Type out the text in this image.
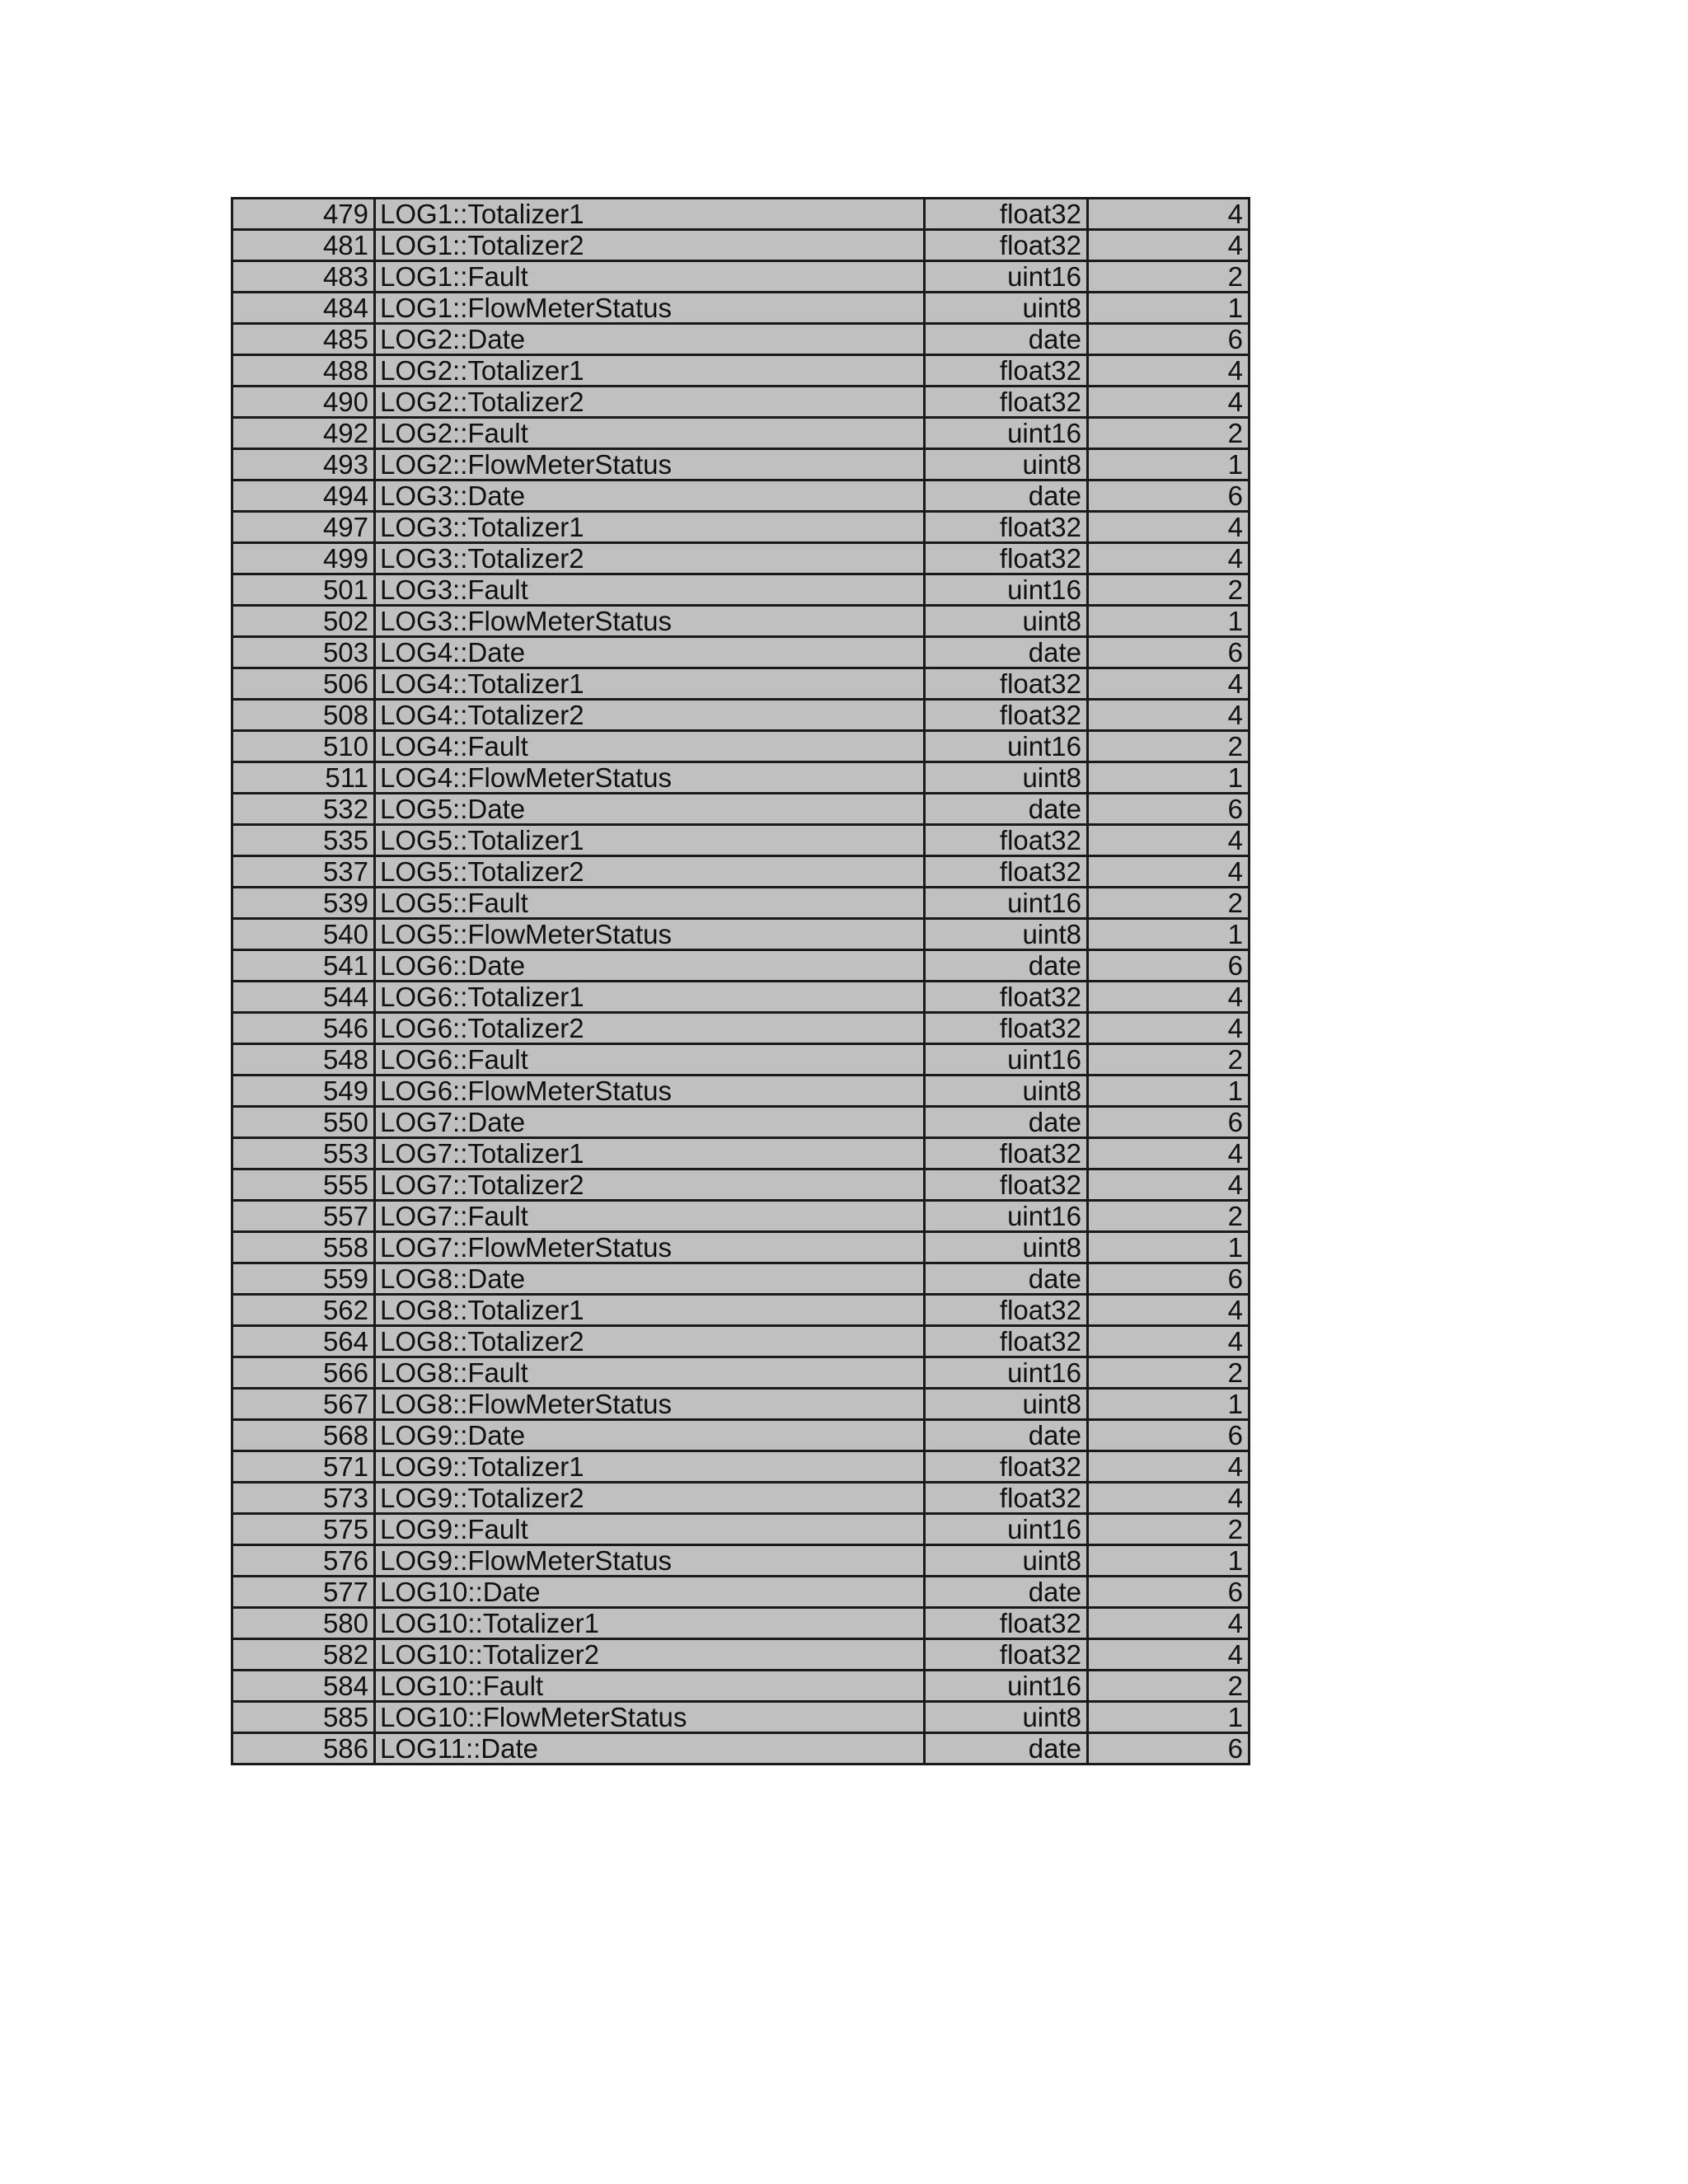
479	LOG1::Totalizer1	float32	4
481	LOG1::Totalizer2	float32	4
483	LOG1::Fault	uint16	2
484	LOG1::FlowMeterStatus	uint8	1
485	LOG2::Date	date	6
488	LOG2::Totalizer1	float32	4
490	LOG2::Totalizer2	float32	4
492	LOG2::Fault	uint16	2
493	LOG2::FlowMeterStatus	uint8	1
494	LOG3::Date	date	6
497	LOG3::Totalizer1	float32	4
499	LOG3::Totalizer2	float32	4
501	LOG3::Fault	uint16	2
502	LOG3::FlowMeterStatus	uint8	1
503	LOG4::Date	date	6
506	LOG4::Totalizer1	float32	4
508	LOG4::Totalizer2	float32	4
510	LOG4::Fault	uint16	2
511	LOG4::FlowMeterStatus	uint8	1
532	LOG5::Date	date	6
535	LOG5::Totalizer1	float32	4
537	LOG5::Totalizer2	float32	4
539	LOG5::Fault	uint16	2
540	LOG5::FlowMeterStatus	uint8	1
541	LOG6::Date	date	6
544	LOG6::Totalizer1	float32	4
546	LOG6::Totalizer2	float32	4
548	LOG6::Fault	uint16	2
549	LOG6::FlowMeterStatus	uint8	1
550	LOG7::Date	date	6
553	LOG7::Totalizer1	float32	4
555	LOG7::Totalizer2	float32	4
557	LOG7::Fault	uint16	2
558	LOG7::FlowMeterStatus	uint8	1
559	LOG8::Date	date	6
562	LOG8::Totalizer1	float32	4
564	LOG8::Totalizer2	float32	4
566	LOG8::Fault	uint16	2
567	LOG8::FlowMeterStatus	uint8	1
568	LOG9::Date	date	6
571	LOG9::Totalizer1	float32	4
573	LOG9::Totalizer2	float32	4
575	LOG9::Fault	uint16	2
576	LOG9::FlowMeterStatus	uint8	1
577	LOG10::Date	date	6
580	LOG10::Totalizer1	float32	4
582	LOG10::Totalizer2	float32	4
584	LOG10::Fault	uint16	2
585	LOG10::FlowMeterStatus	uint8	1
586	LOG11::Date	date	6
